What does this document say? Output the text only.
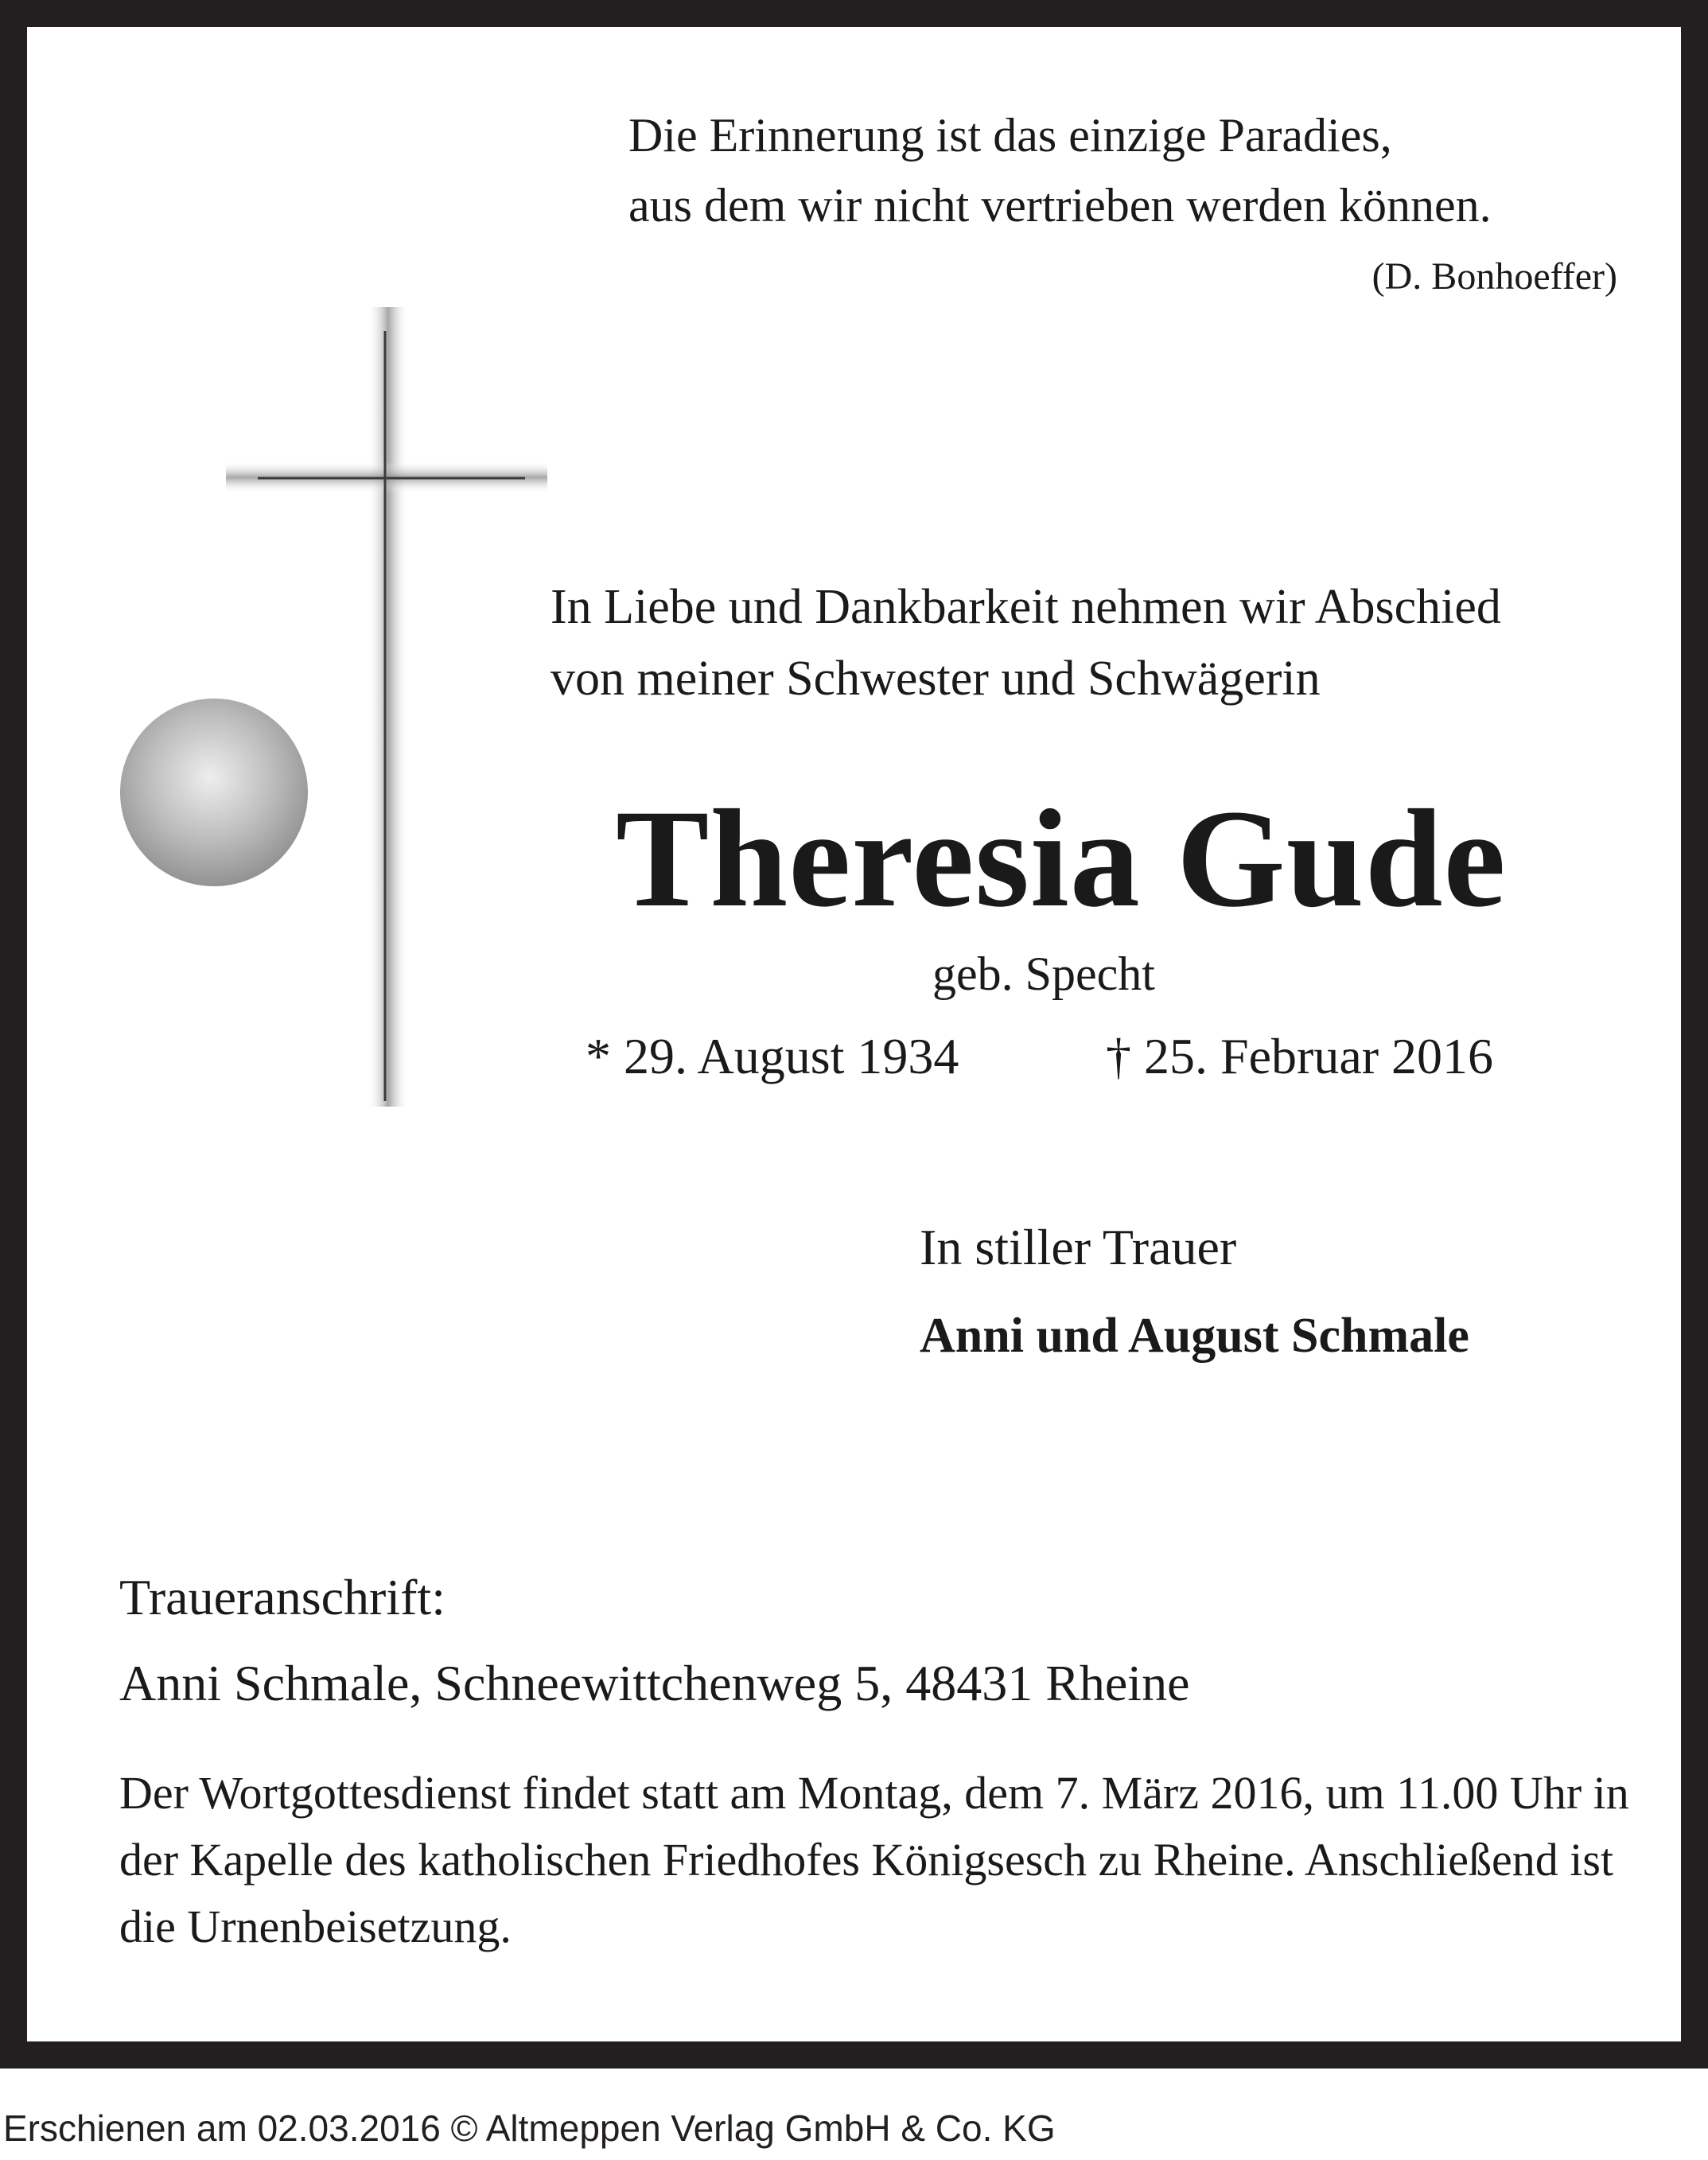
Die Erinnerung ist das einzige Paradies,
aus dem wir nicht vertrieben werden können.
(D. Bonhoeffer)
In Liebe und Dankbarkeit nehmen wir Abschied
von meiner Schwester und Schwägerin
Theresia Gude
geb. Specht
* 29. August 1934	† 25. Februar 2016
In stiller Trauer
Anni und August Schmale
Traueranschrift:
Anni Schmale, Schneewittchenweg 5, 48431 Rheine
Der Wortgottesdienst findet statt am Montag, dem 7. März 2016, um 11.00 Uhr in der Kapelle des katholischen Friedhofes Königsesch zu Rheine. Anschließend ist die Urnenbeisetzung.
Erschienen am 02.03.2016 © Altmeppen Verlag GmbH & Co. KG
